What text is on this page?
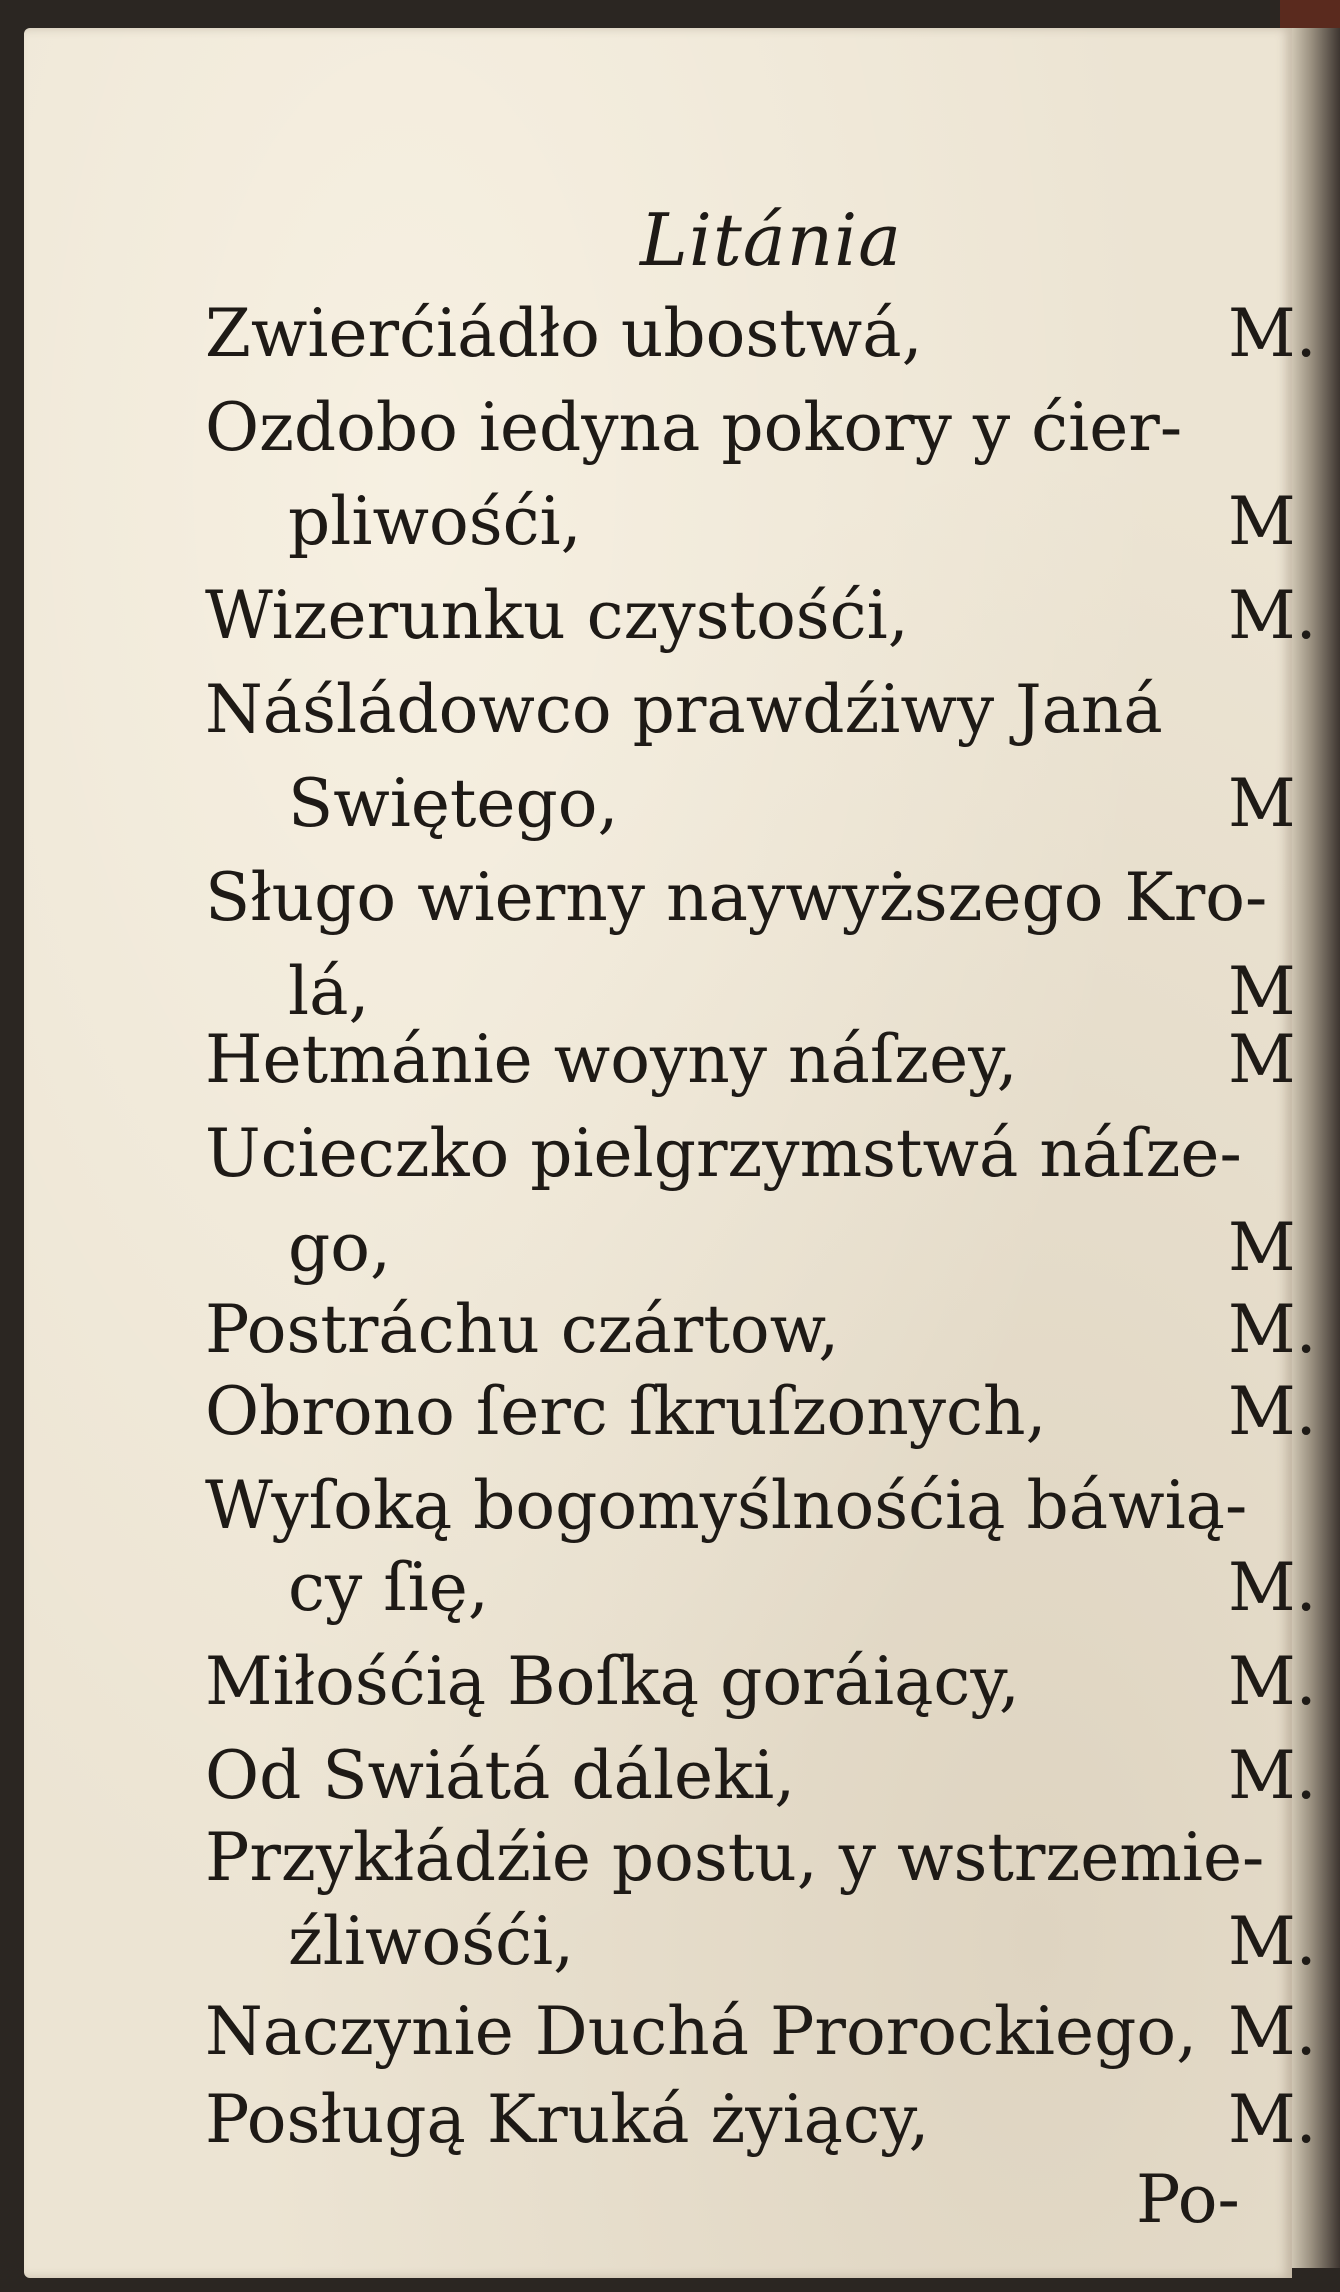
Litánia
Zwierćiádło ubostwá,	M.
Ozdobo iedyna pokory y ćier-
pliwośći,	M
Wizerunku czystośći,	M.
Náśládowco prawdźiwy Janá
Swiętego,	M
Sługo wierny naywyższego Kro-
lá,	M
Hetmánie woyny náſzey,	M
Ucieczko pielgrzymstwá náſze-
go,	M
Postráchu czártow,	M.
Obrono ſerc ſkruſzonych,	M.
Wyſoką bogomyślnośćią báwią-
cy ſię,	M.
Miłośćią Boſką goráiący,	M.
Od Swiátá dáleki,	M.
Przykłádźie postu, y wstrzemie-
źliwośći,	M.
Naczynie Duchá Prorockiego, M.
Posługą Kruká żyiący,	M.
Po-
